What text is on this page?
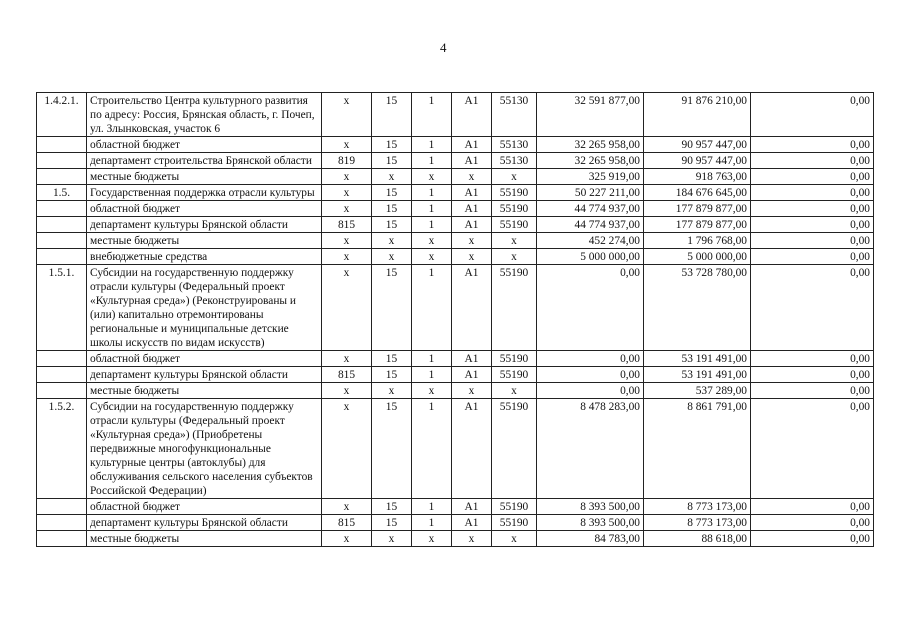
4
1.4.2.1.	Строительство Центра культурного развития по адресу: Россия, Брянская область, г. Почеп, ул. Злынковская, участок 6	x	15	1	A1	55130	32 591 877,00	91 876 210,00	0,00
	областной бюджет	x	15	1	A1	55130	32 265 958,00	90 957 447,00	0,00
	департамент строительства Брянской области	819	15	1	A1	55130	32 265 958,00	90 957 447,00	0,00
	местные бюджеты	x	x	x	x	x	325 919,00	918 763,00	0,00
1.5.	Государственная поддержка отрасли культуры	x	15	1	A1	55190	50 227 211,00	184 676 645,00	0,00
	областной бюджет	x	15	1	A1	55190	44 774 937,00	177 879 877,00	0,00
	департамент культуры Брянской области	815	15	1	A1	55190	44 774 937,00	177 879 877,00	0,00
	местные бюджеты	x	x	x	x	x	452 274,00	1 796 768,00	0,00
	внебюджетные средства	x	x	x	x	x	5 000 000,00	5 000 000,00	0,00
1.5.1.	Субсидии на государственную поддержку отрасли культуры (Федеральный проект «Культурная среда») (Реконструированы и (или) капитально отремонтированы региональные и муниципальные детские школы искусств по видам искусств)	x	15	1	A1	55190	0,00	53 728 780,00	0,00
	областной бюджет	x	15	1	A1	55190	0,00	53 191 491,00	0,00
	департамент культуры Брянской области	815	15	1	A1	55190	0,00	53 191 491,00	0,00
	местные бюджеты	x	x	x	x	x	0,00	537 289,00	0,00
1.5.2.	Субсидии на государственную поддержку отрасли культуры (Федеральный проект «Культурная среда») (Приобретены передвижные многофункциональные культурные центры (автоклубы) для обслуживания сельского населения субъектов Российской Федерации)	x	15	1	A1	55190	8 478 283,00	8 861 791,00	0,00
	областной бюджет	x	15	1	A1	55190	8 393 500,00	8 773 173,00	0,00
	департамент культуры Брянской области	815	15	1	A1	55190	8 393 500,00	8 773 173,00	0,00
	местные бюджеты	x	x	x	x	x	84 783,00	88 618,00	0,00
